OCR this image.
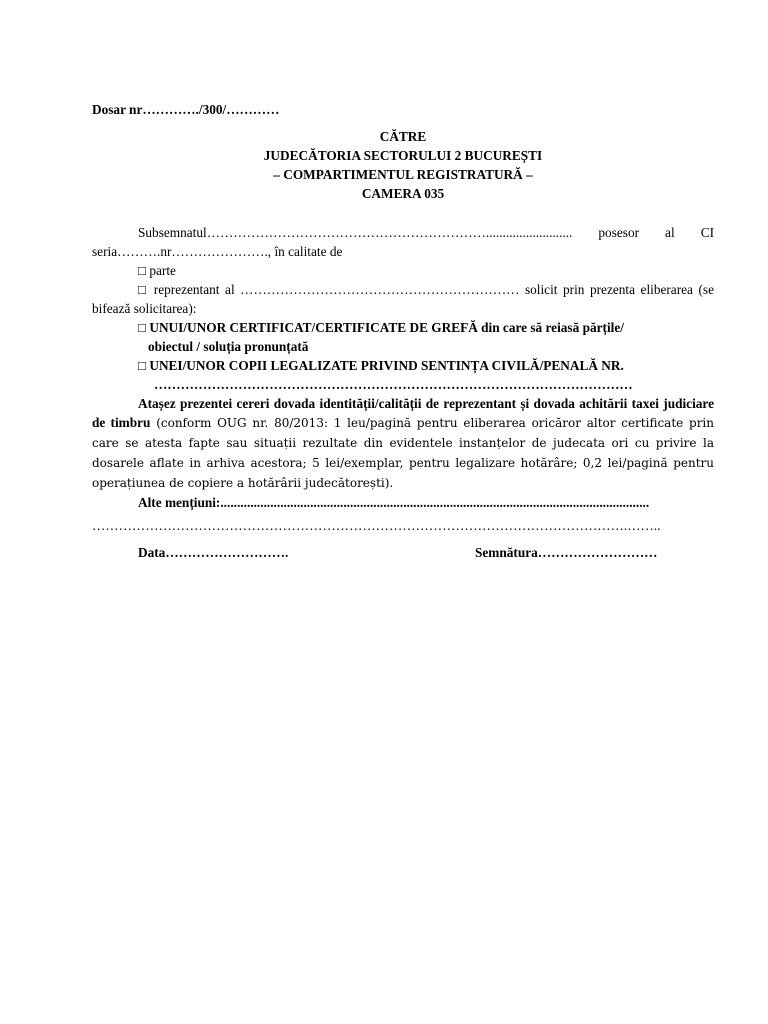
Dosar nr…………./300/…………
CĂTRE
JUDECĂTORIA SECTORULUI 2 BUCUREȘTI
– COMPARTIMENTUL REGISTRATURĂ –
CAMERA 035
Subsemnatul……………………………………………………….......................... posesor al CI seria……….nr…………………., în calitate de
□ parte
□ reprezentant al ……………………………………………………… solicit prin prezenta eliberarea (se bifează solicitarea):
□ UNUI/UNOR CERTIFICAT/CERTIFICATE DE GREFĂ din care să reiasă părțile/
obiectul / soluția pronunțată
□ UNEI/UNOR COPII LEGALIZATE PRIVIND SENTINȚA CIVILĂ/PENALĂ NR.
………………………………………………………………………………………………
Atașez prezentei cereri dovada identității/calității de reprezentant și dovada achitării taxei judiciare de timbru (conform OUG nr. 80/2013: 1 leu/pagină pentru eliberarea oricăror altor certificate prin care se atesta fapte sau situații rezultate din evidentele instanțelor de judecata ori cu privire la dosarele aflate in arhiva acestora; 5 lei/exemplar, pentru legalizare hotărâre; 0,2 lei/pagină pentru operațiunea de copiere a hotărârii judecătorești).
Alte mențiuni:.................................................................................................................................
………………………………………………………………………………………………………….……..
Data……………………….	Semnătura………………………
